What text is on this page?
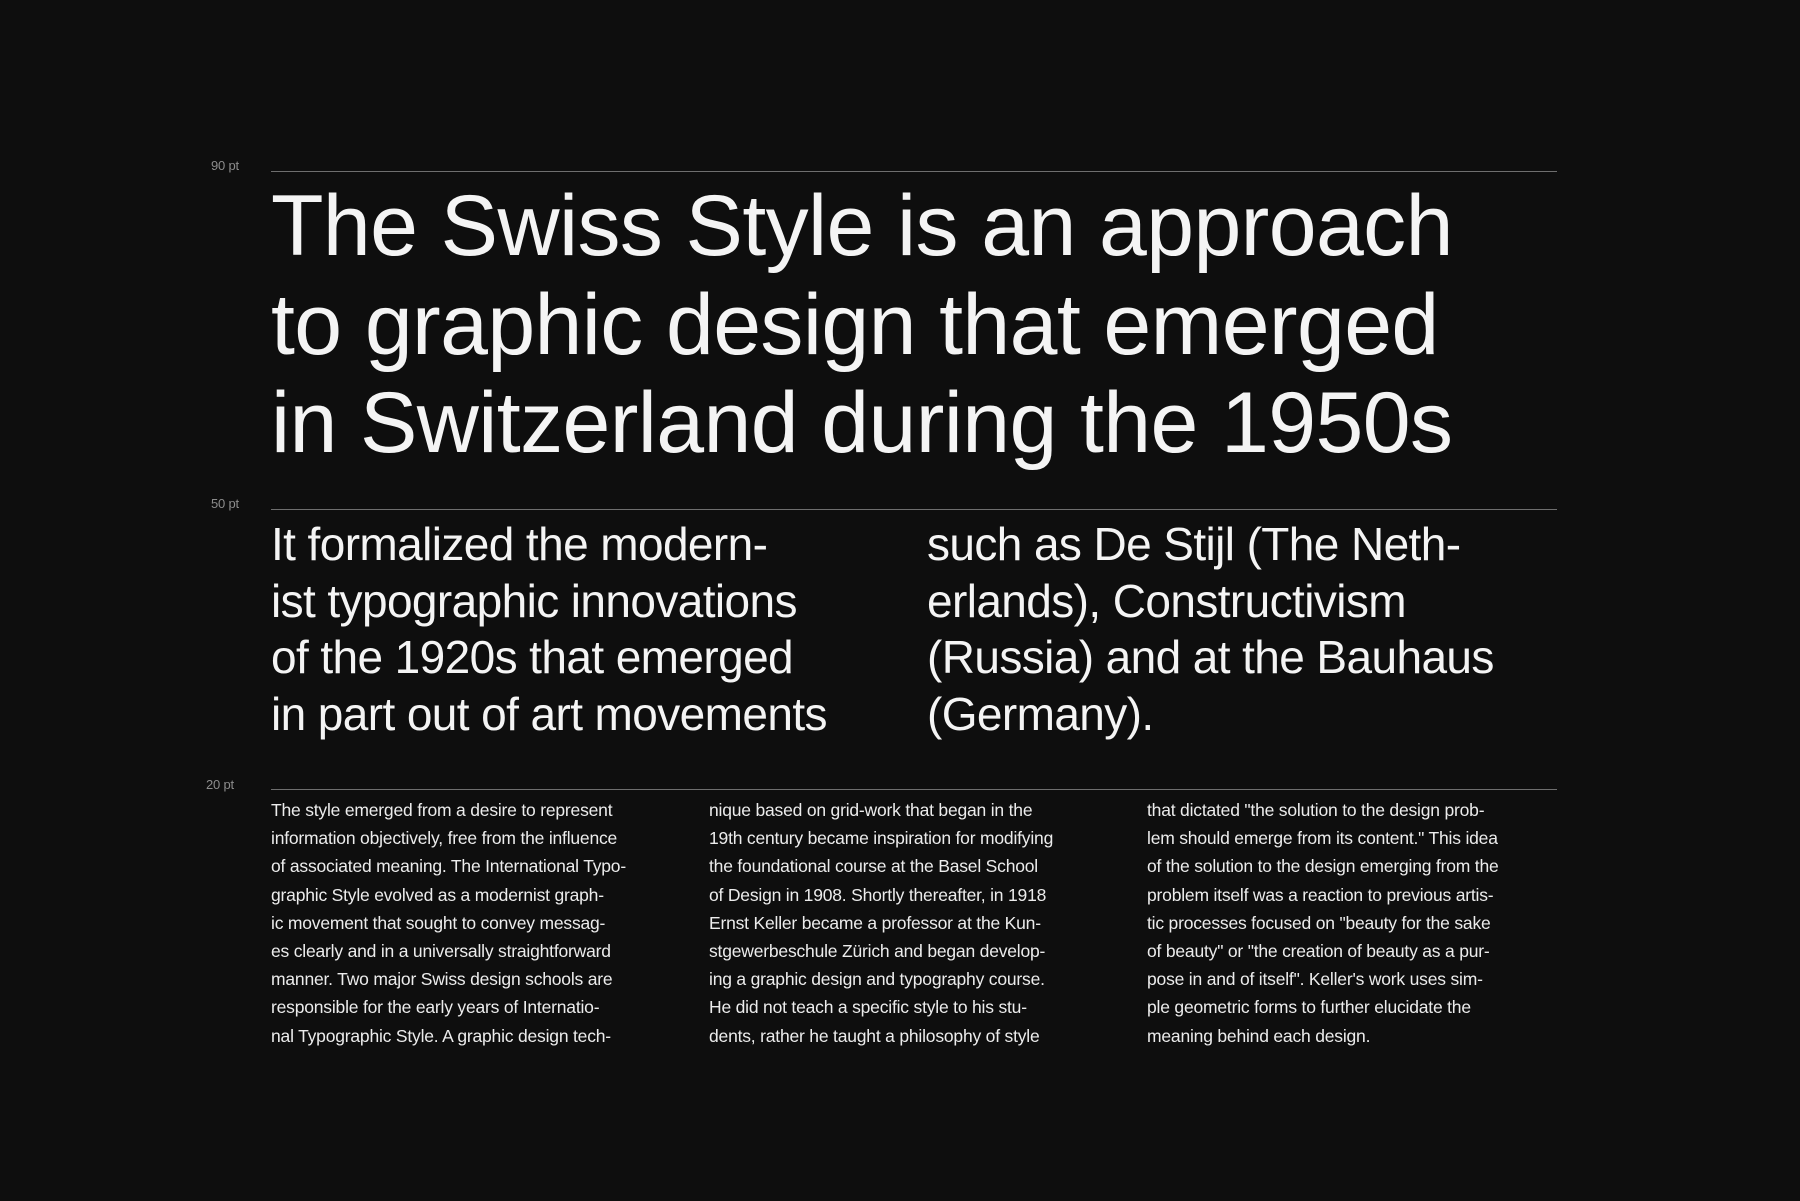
90 pt
The Swiss Style is an approach
to graphic design that emerged
in Switzerland during the 1950s
50 pt
It formalized the modern-
ist typographic innovations
of the 1920s that emerged
in part out of art movements
such as De Stijl (The Neth-
erlands), Constructivism
(Russia) and at the Bauhaus
(Germany).
20 pt
The style emerged from a desire to represent
information objectively, free from the influence
of associated meaning. The International Typo-
graphic Style evolved as a modernist graph-
ic movement that sought to convey messag-
es clearly and in a universally straightforward
manner. Two major Swiss design schools are
responsible for the early years of Internatio-
nal Typographic Style. A graphic design tech-
nique based on grid-work that began in the
19th century became inspiration for modifying
the foundational course at the Basel School
of Design in 1908. Shortly thereafter, in 1918
Ernst Keller became a professor at the Kun-
stgewerbeschule Zürich and began develop-
ing a graphic design and typography course.
He did not teach a specific style to his stu-
dents, rather he taught a philosophy of style
that dictated "the solution to the design prob-
lem should emerge from its content." This idea
of the solution to the design emerging from the
problem itself was a reaction to previous artis-
tic processes focused on "beauty for the sake
of beauty" or "the creation of beauty as a pur-
pose in and of itself". Keller's work uses sim-
ple geometric forms to further elucidate the
meaning behind each design.
